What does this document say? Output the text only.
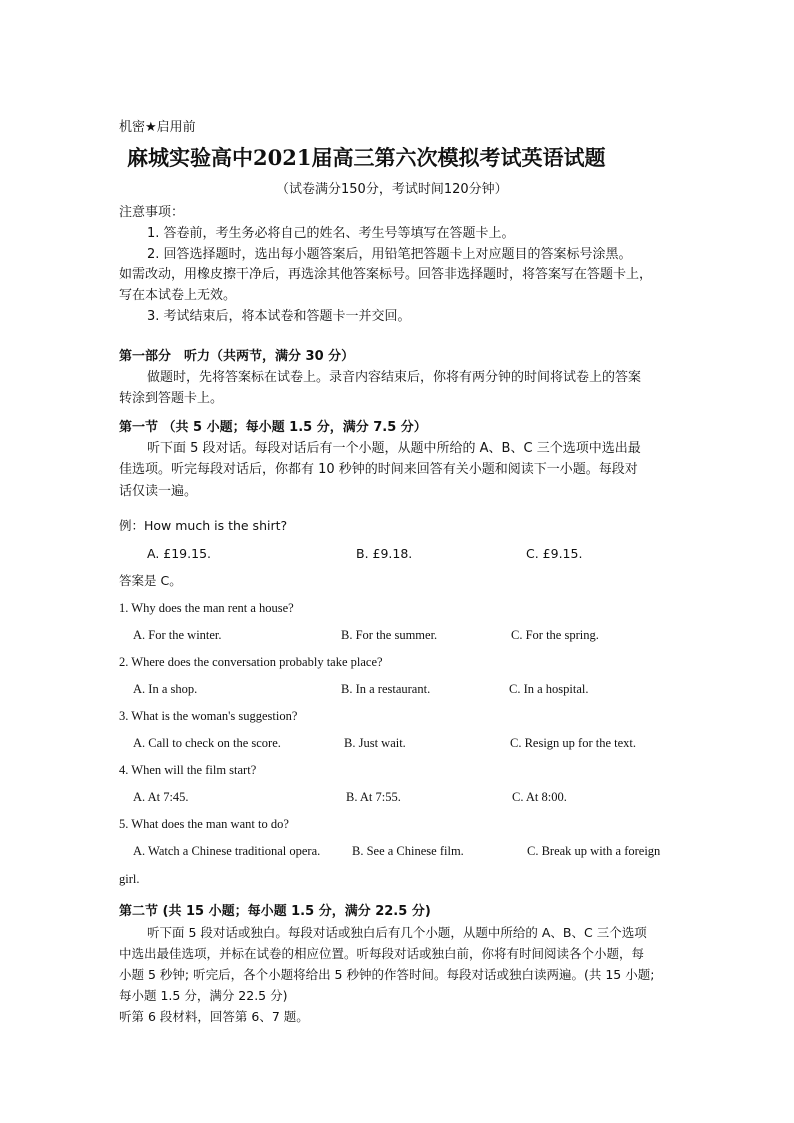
机密★启用前
麻城实验高中2021届高三第六次模拟考试英语试题
（试卷满分150分，考试时间120分钟）
注意事项：
1. 答卷前，考生务必将自己的姓名、考生号等填写在答题卡上。
2. 回答选择题时，选出每小题答案后，用铅笔把答题卡上对应题目的答案标号涂黑。
如需改动，用橡皮擦干净后，再选涂其他答案标号。回答非选择题时，将答案写在答题卡上，
写在本试卷上无效。
3. 考试结束后，将本试卷和答题卡一并交回。
第一部分　听力（共两节，满分 30 分）
做题时，先将答案标在试卷上。录音内容结束后，你将有两分钟的时间将试卷上的答案
转涂到答题卡上。
第一节 （共 5 小题；每小题 1.5 分，满分 7.5 分）
听下面 5 段对话。每段对话后有一个小题，从题中所给的 A、B、C 三个选项中选出最
佳选项。听完每段对话后，你都有 10 秒钟的时间来回答有关小题和阅读下一小题。每段对
话仅读一遍。
例：How much is the shirt?
A. £19.15.	B. £9.18.	C. £9.15.
答案是 C。
1. Why does the man rent a house?
A. For the winter.	B. For the summer.	C. For the spring.
2. Where does the conversation probably take place?
A. In a shop.	B. In a restaurant.	C. In a hospital.
3. What is the woman's suggestion?
A. Call to check on the score.	B. Just wait.	C. Resign up for the text.
4. When will the film start?
A. At 7:45.	B. At 7:55.	C. At 8:00.
5. What does the man want to do?
A. Watch a Chinese traditional opera.	B. See a Chinese film.	C. Break up with a foreign
girl.
第二节 (共 15 小题；每小题 1.5 分，满分 22.5 分)
听下面 5 段对话或独白。每段对话或独白后有几个小题，从题中所给的 A、B、C 三个选项
中选出最佳选项，并标在试卷的相应位置。听每段对话或独白前，你将有时间阅读各个小题，每
小题 5 秒钟; 听完后，各个小题将给出 5 秒钟的作答时间。每段对话或独白读两遍。(共 15 小题;
每小题 1.5 分，满分 22.5 分)
听第 6 段材料，回答第 6、7 题。
